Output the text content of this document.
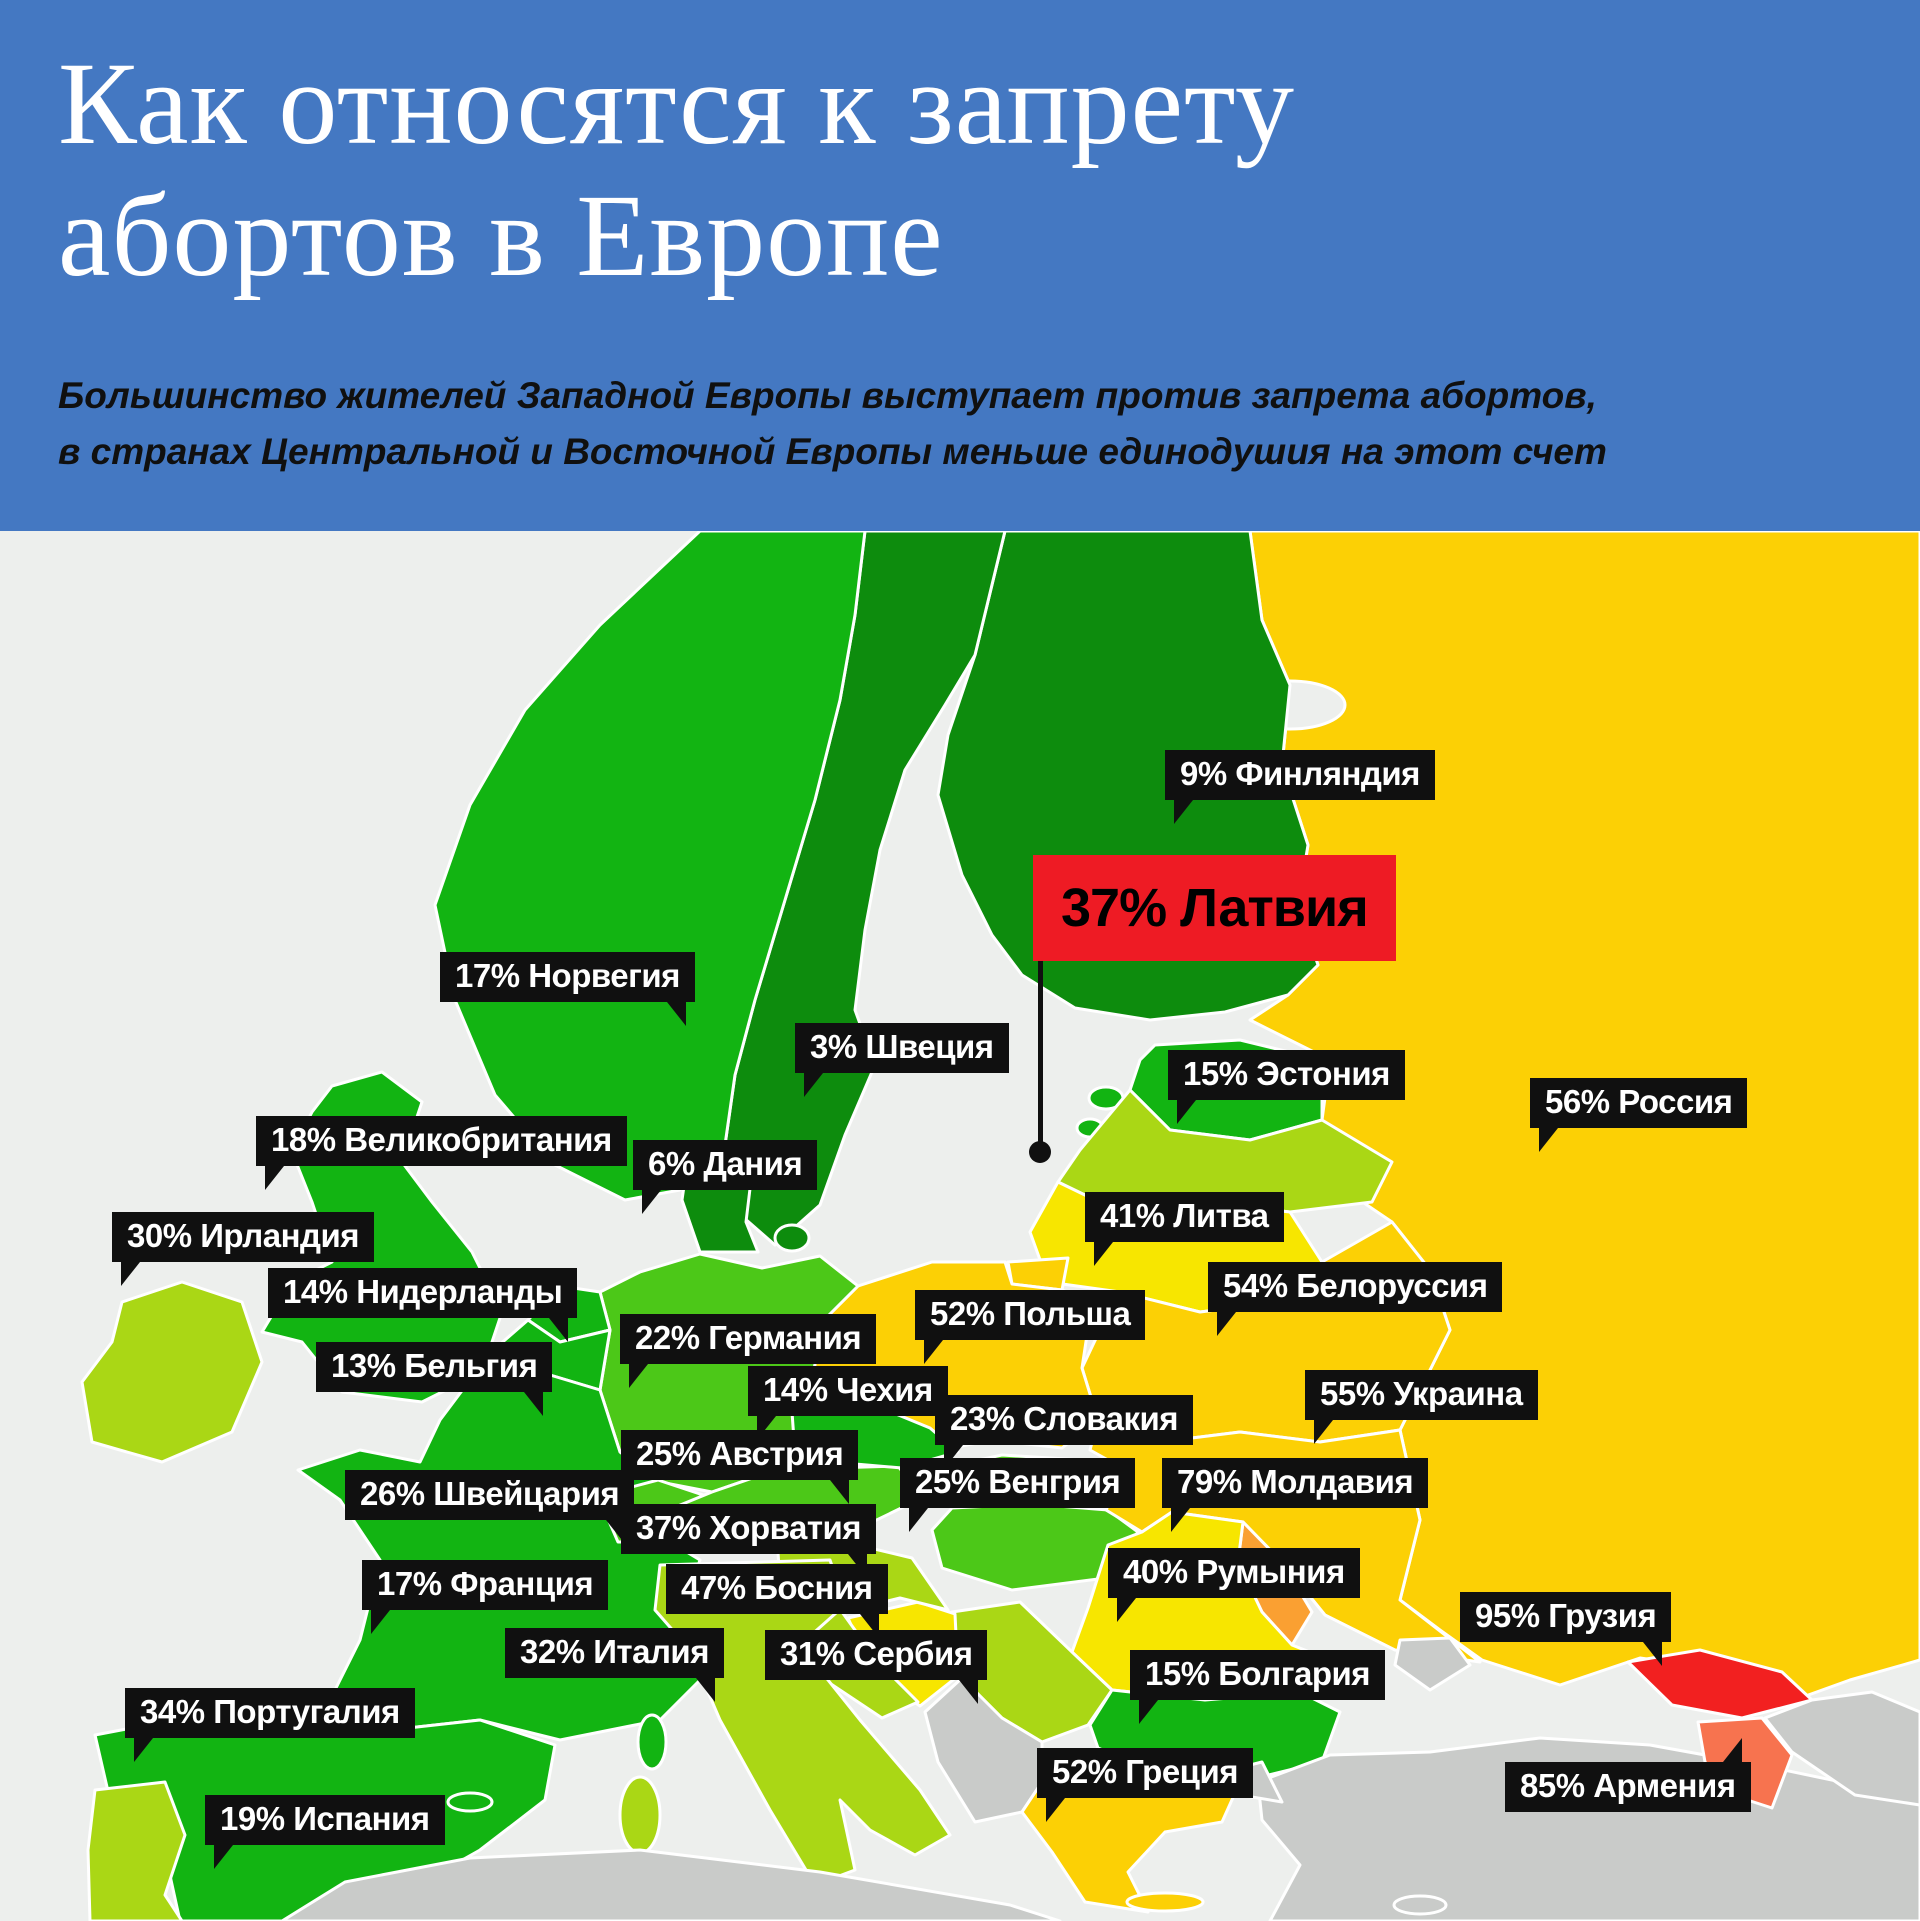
Как относятся к запрету
абортов в Европе
Большинство жителей Западной Европы выступает против запрета абортов,
в странах Центральной и Восточной Европы меньше единодушия на этот счет
17% Норвегия
3% Швеция
9% Финляндия
37% Латвия
15% Эстония
56% Россия
18% Великобритания
6% Дания
30% Ирландия
41% Литва
14% Нидерланды	54% Белоруссия
52% Польша
22% Германия
13% Бельгия
14% Чехия	55% Украина
23% Словакия
25% Австрия
25% Венгрия	79% Молдавия
26% Швейцария
37% Хорватия
40% Румыния
17% Франция	47% Босния
95% Грузия
31% Сербия
32% Италия
15% Болгария
34% Португалия
52% Греция	85% Армения
19% Испания
